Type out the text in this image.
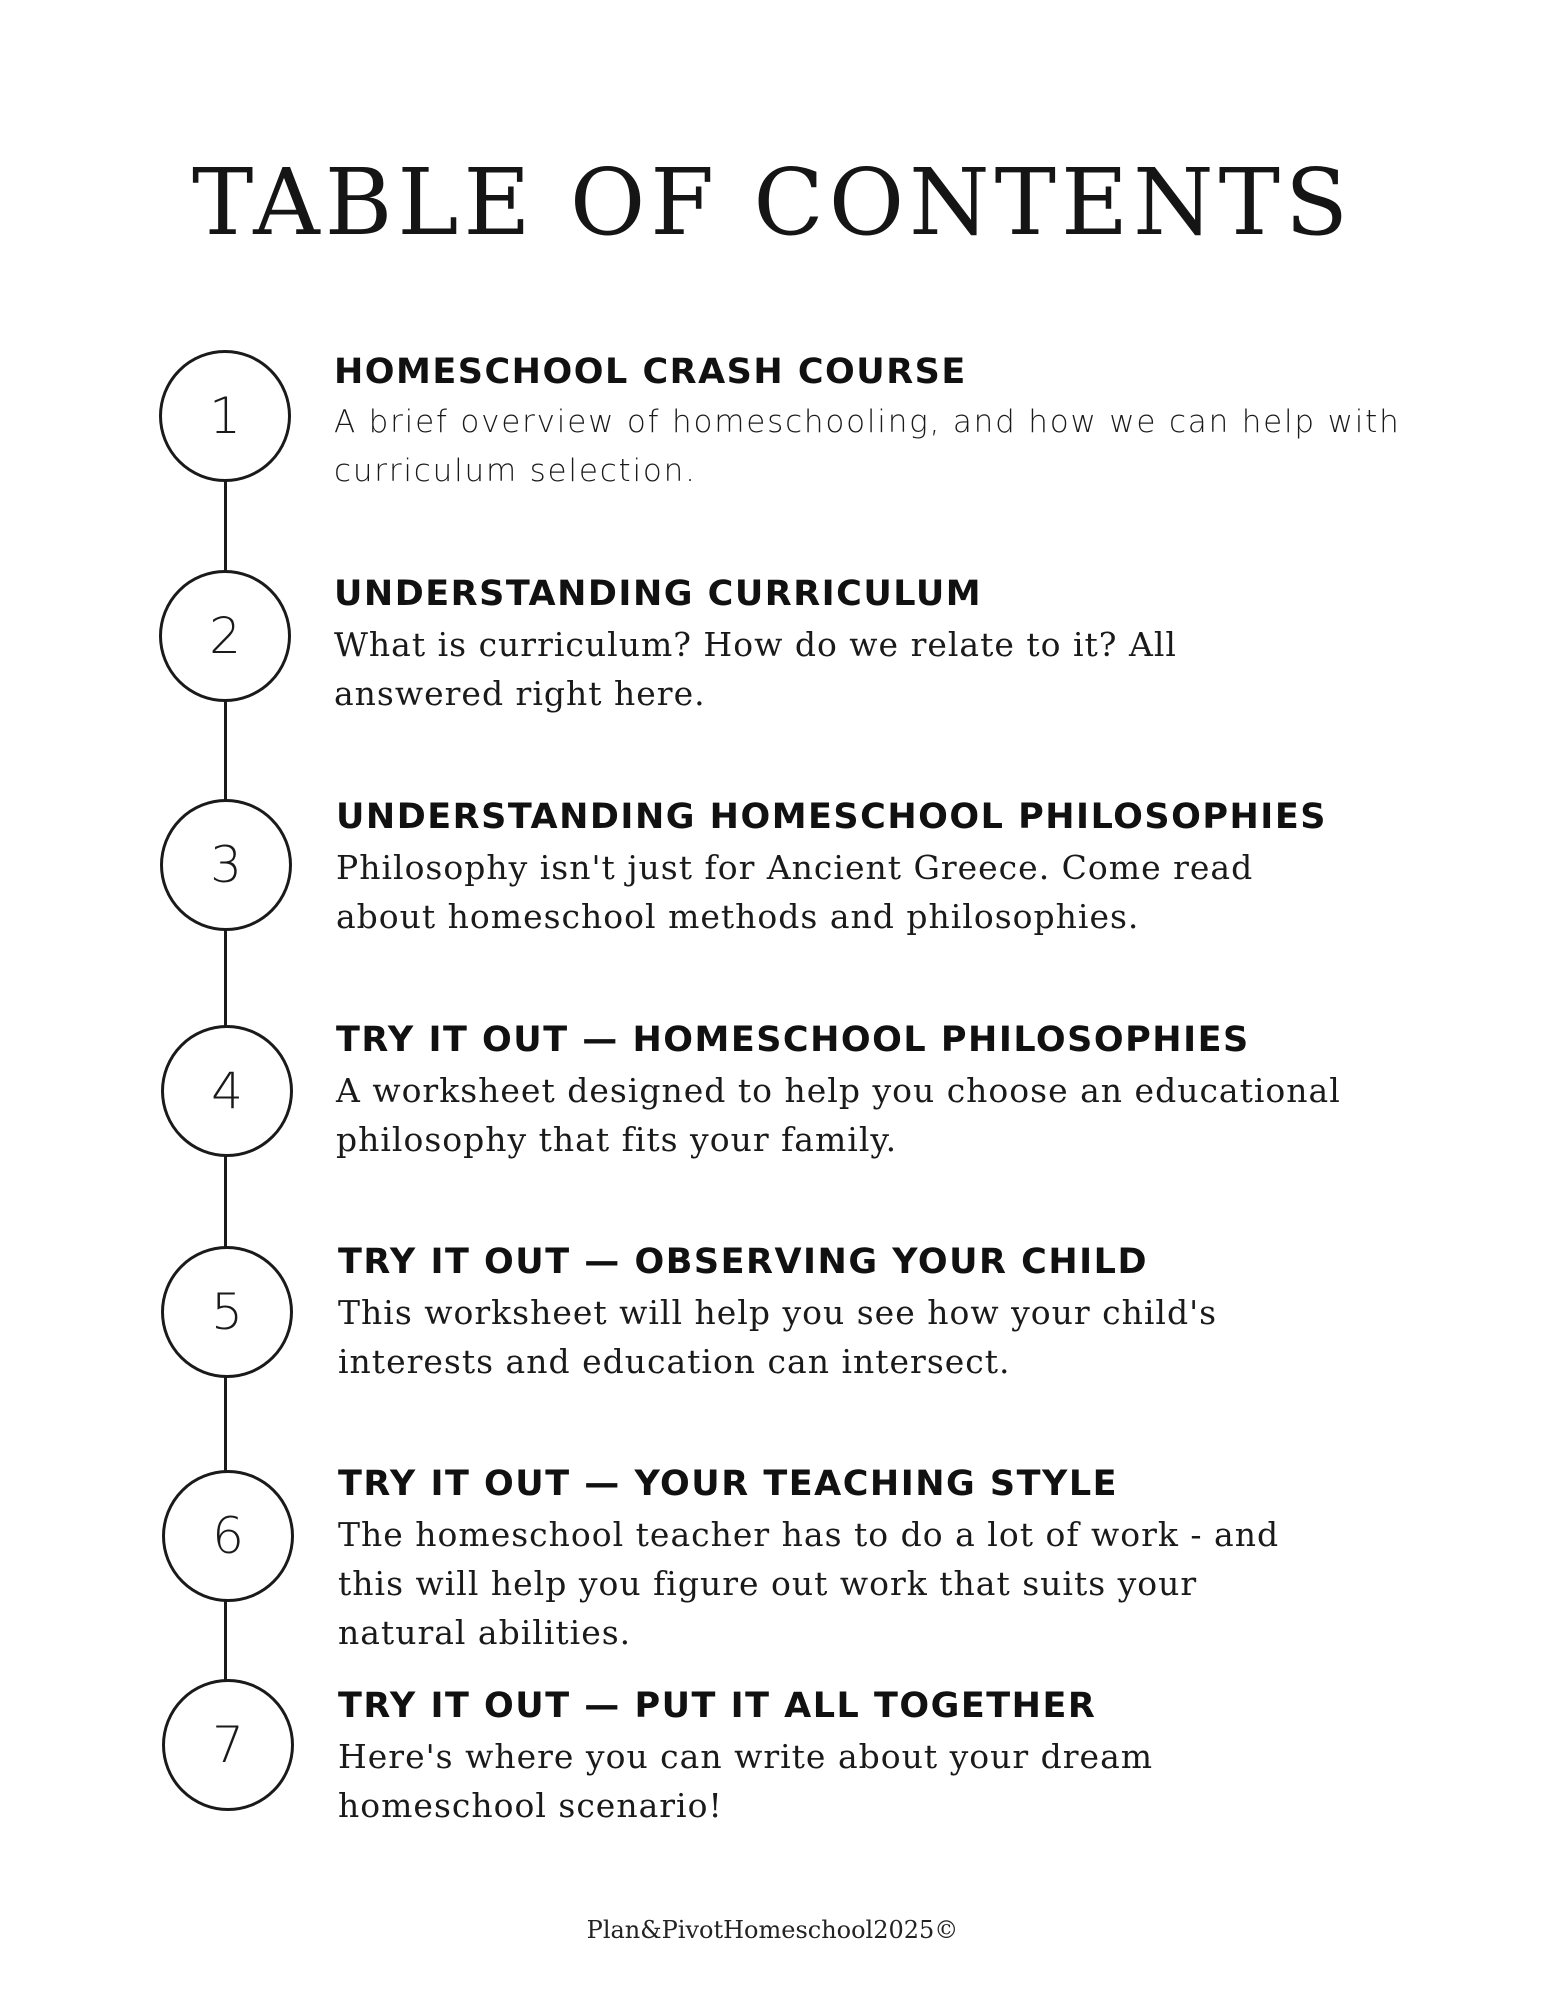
TABLE OF CONTENTS
1
HOMESCHOOL CRASH COURSE
A brief overview of homeschooling, and how we can help with
curriculum selection.
2
UNDERSTANDING CURRICULUM
What is curriculum? How do we relate to it? All
answered right here.
3
UNDERSTANDING HOMESCHOOL PHILOSOPHIES
Philosophy isn't just for Ancient Greece. Come read
about homeschool methods and philosophies.
4
TRY IT OUT — HOMESCHOOL PHILOSOPHIES
A worksheet designed to help you choose an educational
philosophy that fits your family.
5
TRY IT OUT — OBSERVING YOUR CHILD
This worksheet will help you see how your child's
interests and education can intersect.
6
TRY IT OUT — YOUR TEACHING STYLE
The homeschool teacher has to do a lot of work - and
this will help you figure out work that suits your
natural abilities.
7
TRY IT OUT — PUT IT ALL TOGETHER
Here's where you can write about your dream
homeschool scenario!
Plan&PivotHomeschool2025©
